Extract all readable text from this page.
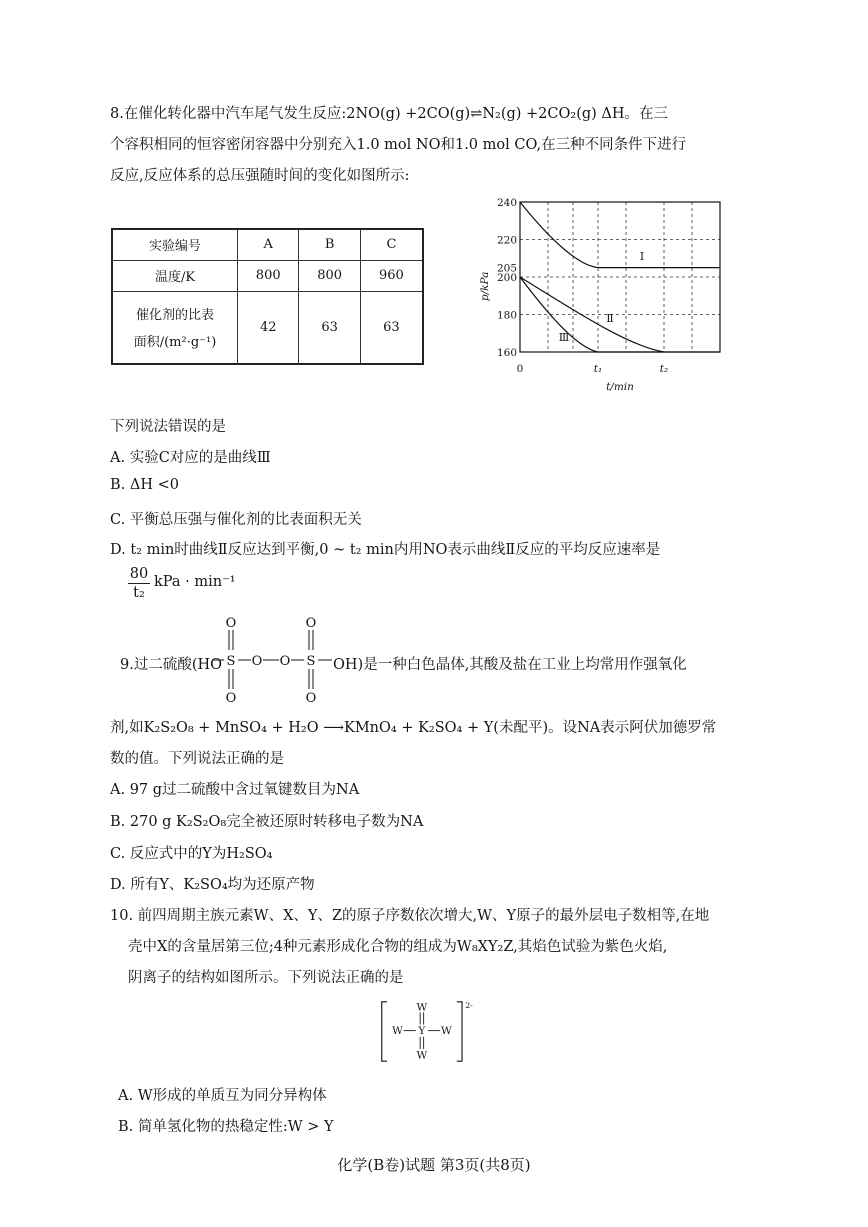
8.在催化转化器中汽车尾气发生反应:2NO(g) +2CO(g)⇌N₂(g) +2CO₂(g) ΔH。在三
个容积相同的恒容密闭容器中分别充入1.0 mol NO和1.0 mol CO,在三种不同条件下进行
反应,反应体系的总压强随时间的变化如图所示:
实验编号	A	B	C
温度/K	800	800	960

催化剂的比表
面积/(m²·g⁻¹)	42	63	63
160
180
200
205
220
240
0	t₁	t₂
t/min
p/kPa
Ⅰ
Ⅱ
Ⅲ
下列说法错误的是
A. 实验C对应的是曲线Ⅲ
B. ΔH <0
C. 平衡总压强与催化剂的比表面积无关
D. t₂ min时曲线Ⅱ反应达到平衡,0 ~ t₂ min内用NO表示曲线Ⅱ反应的平均反应速率是
$\frac{80}{\text{t₂}}$ kPa · min⁻¹
9.过二硫酸(HO
O	O
S	S
O O
O	O
OH)是一种白色晶体,其酸及盐在工业上均常用作强氧化
剂,如K₂S₂O₈ + MnSO₄ + H₂O ⟶KMnO₄ + K₂SO₄ + Y(未配平)。设NA表示阿伏加德罗常
数的值。下列说法正确的是
A. 97 g过二硫酸中含过氧键数目为NA
B. 270 g K₂S₂O₈完全被还原时转移电子数为NA
C. 反应式中的Y为H₂SO₄
D. 所有Y、K₂SO₄均为还原产物
10. 前四周期主族元素W、X、Y、Z的原子序数依次增大,W、Y原子的最外层电子数相等,在地
壳中X的含量居第三位;4种元素形成化合物的组成为W₈XY₂Z,其焰色试验为紫色火焰,
阴离子的结构如图所示。下列说法正确的是
W
W Y W
W
2-
A. W形成的单质互为同分异构体
B. 简单氢化物的热稳定性:W > Y
化学(B卷)试题 第3页(共8页)
